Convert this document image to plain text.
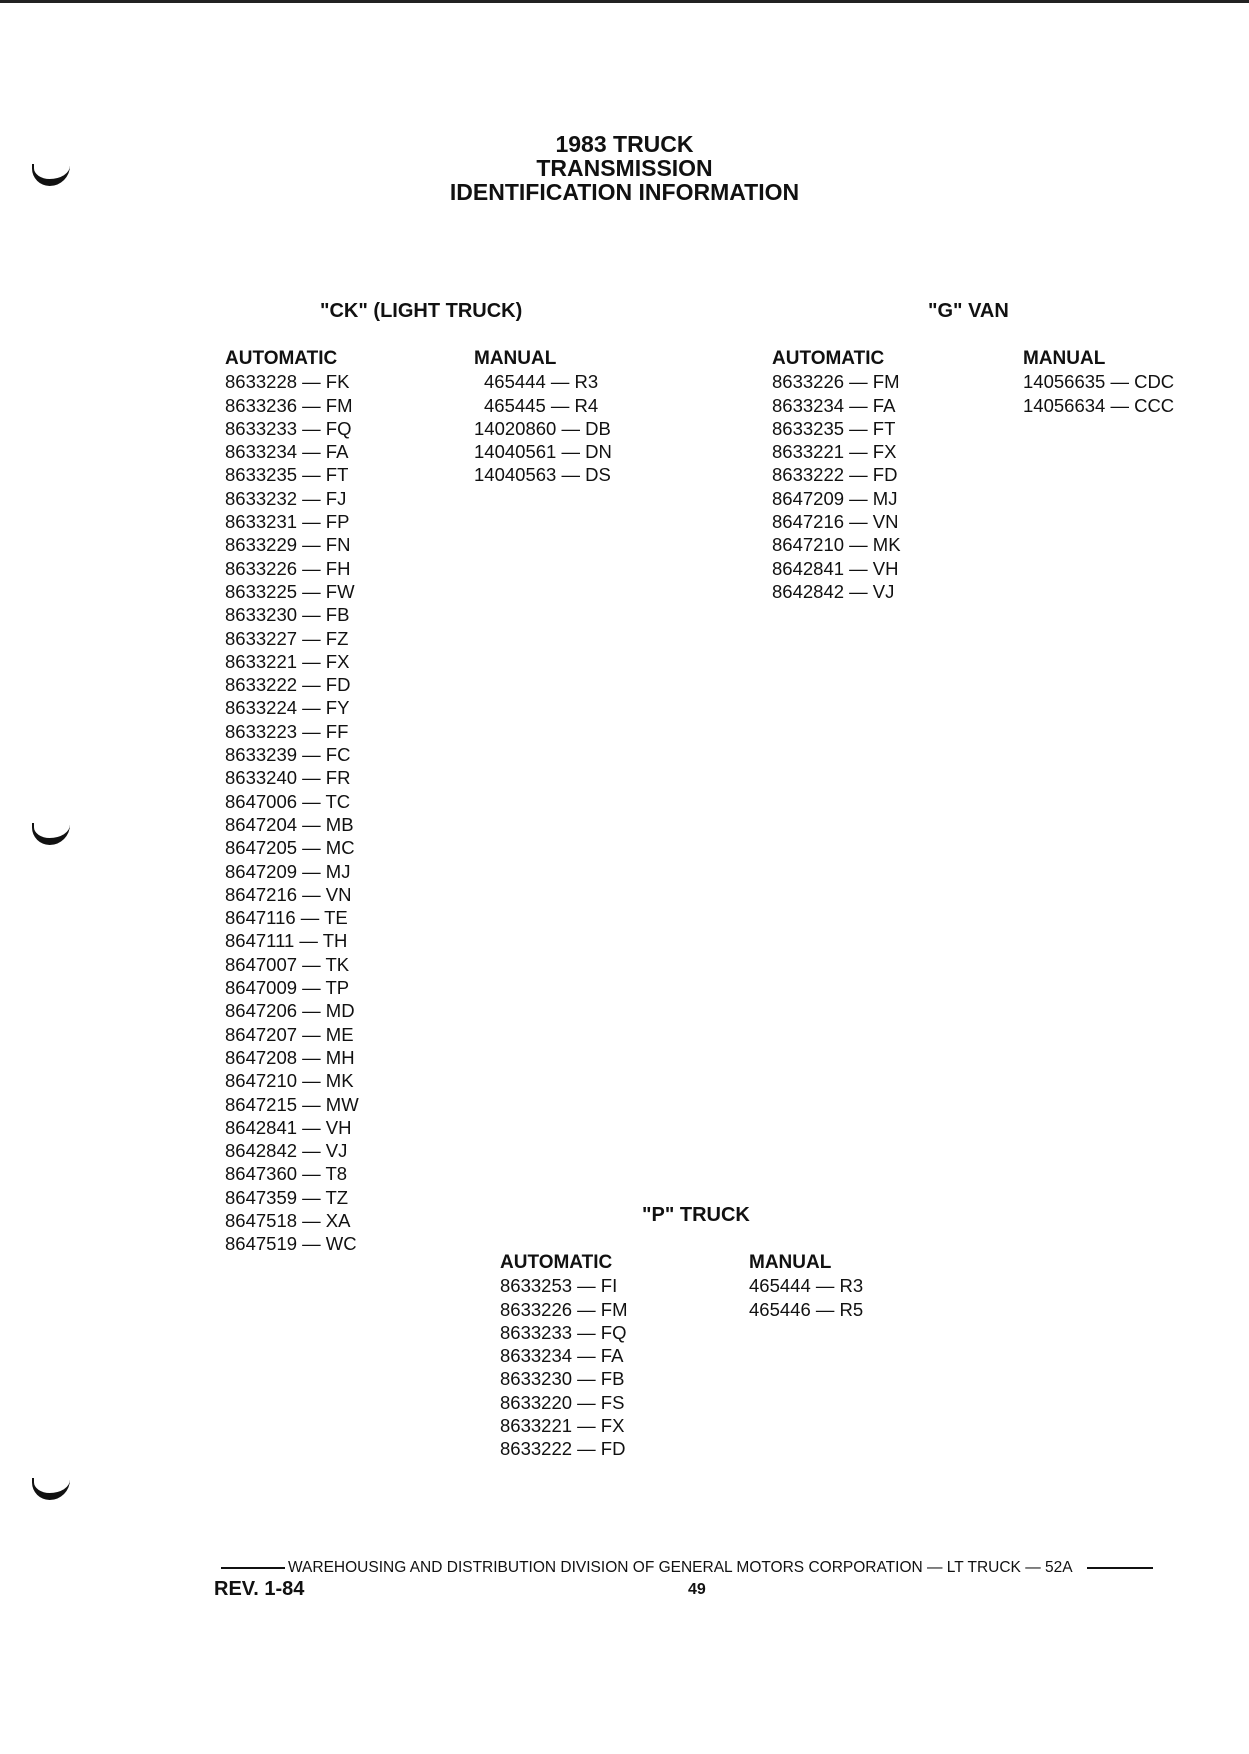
1983 TRUCK
TRANSMISSION
IDENTIFICATION INFORMATION
"CK" (LIGHT TRUCK)	"G" VAN
"P" TRUCK
AUTOMATIC
8633228 — FK
8633236 — FM
8633233 — FQ
8633234 — FA
8633235 — FT
8633232 — FJ
8633231 — FP
8633229 — FN
8633226 — FH
8633225 — FW
8633230 — FB
8633227 — FZ
8633221 — FX
8633222 — FD
8633224 — FY
8633223 — FF
8633239 — FC
8633240 — FR
8647006 — TC
8647204 — MB
8647205 — MC
8647209 — MJ
8647216 — VN
8647116 — TE
8647111 — TH
8647007 — TK
8647009 — TP
8647206 — MD
8647207 — ME
8647208 — MH
8647210 — MK
8647215 — MW
8642841 — VH
8642842 — VJ
8647360 — T8
8647359 — TZ
8647518 — XA
8647519 — WC
MANUAL
465444 — R3
465445 — R4
14020860 — DB
14040561 — DN
14040563 — DS
AUTOMATIC
8633226 — FM
8633234 — FA
8633235 — FT
8633221 — FX
8633222 — FD
8647209 — MJ
8647216 — VN
8647210 — MK
8642841 — VH
8642842 — VJ
MANUAL
14056635 — CDC
14056634 — CCC
AUTOMATIC
8633253 — FI
8633226 — FM
8633233 — FQ
8633234 — FA
8633230 — FB
8633220 — FS
8633221 — FX
8633222 — FD
MANUAL
465444 — R3
465446 — R5
WAREHOUSING AND DISTRIBUTION DIVISION OF GENERAL MOTORS CORPORATION — LT TRUCK — 52A
REV. 1-84	49
